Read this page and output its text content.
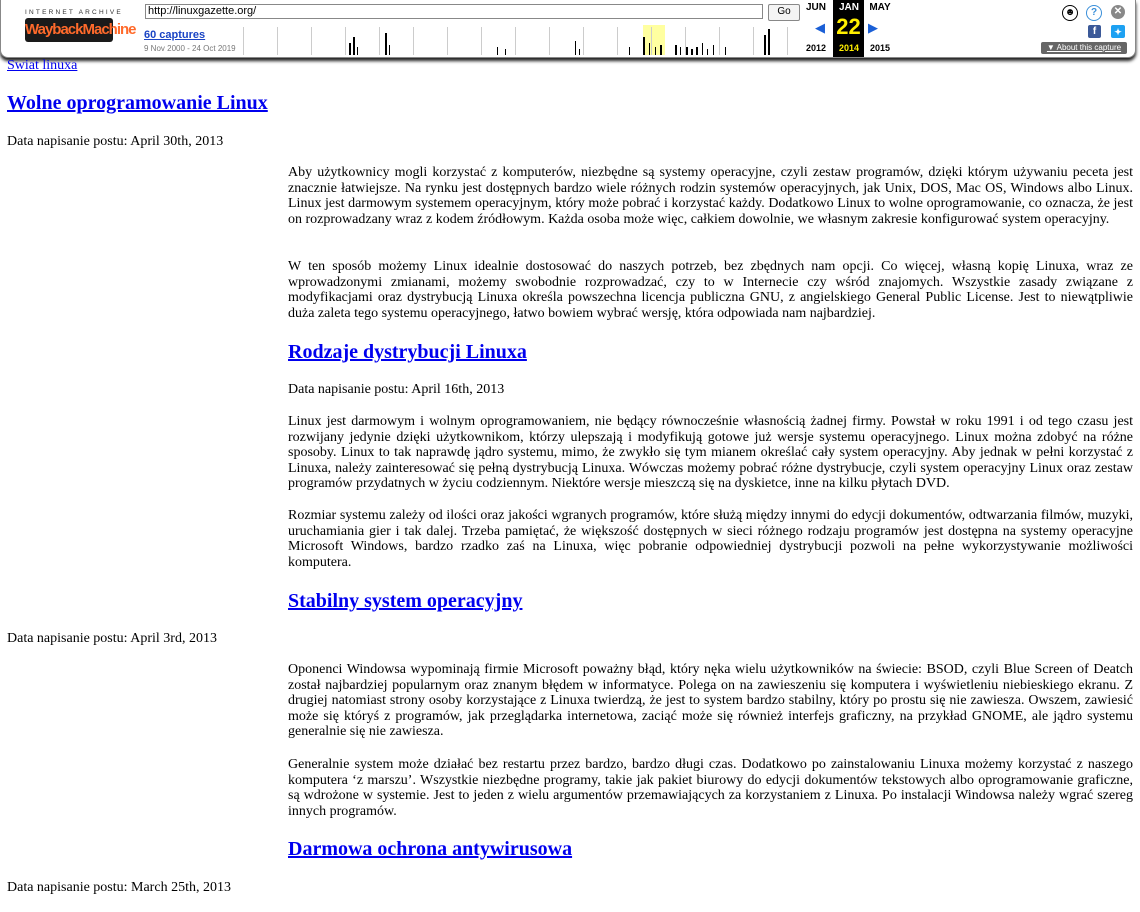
INTERNET ARCHIVE
WaybackMachine
http://linuxgazette.org/	Go
60 captures
9 Nov 2000 - 24 Oct 2019
JUN	JAN	MAY
◀ 22 ▶
2012	2014	2015
☻	?	✕
f	✦
▼ About this capture
Swiat linuxa
Wolne oprogramowanie Linux
Data napisanie postu: April 30th, 2013
Aby użytkownicy mogli korzystać z komputerów, niezbędne są systemy operacyjne, czyli zestaw programów, dzięki którym używaniu peceta jest znacznie łatwiejsze. Na rynku jest dostępnych bardzo wiele różnych rodzin systemów operacyjnych, jak Unix, DOS, Mac OS, Windows albo Linux. Linux jest darmowym systemem operacyjnym, który może pobrać i korzystać każdy. Dodatkowo Linux to wolne oprogramowanie, co oznacza, że jest on rozprowadzany wraz z kodem źródłowym. Każda osoba może więc, całkiem dowolnie, we własnym zakresie konfigurować system operacyjny.
W ten sposób możemy Linux idealnie dostosować do naszych potrzeb, bez zbędnych nam opcji. Co więcej, własną kopię Linuxa, wraz ze wprowadzonymi zmianami, możemy swobodnie rozprowadzać, czy to w Internecie czy wśród znajomych. Wszystkie zasady związane z modyfikacjami oraz dystrybucją Linuxa określa powszechna licencja publiczna GNU, z angielskiego General Public License. Jest to niewątpliwie duża zaleta tego systemu operacyjnego, łatwo bowiem wybrać wersję, która odpowiada nam najbardziej.
Rodzaje dystrybucji Linuxa
Data napisanie postu: April 16th, 2013
Linux jest darmowym i wolnym oprogramowaniem, nie będący równocześnie własnością żadnej firmy. Powstał w roku 1991 i od tego czasu jest rozwijany jedynie dzięki użytkownikom, którzy ulepszają i modyfikują gotowe już wersje systemu operacyjnego. Linux można zdobyć na różne sposoby. Linux to tak naprawdę jądro systemu, mimo, że zwykło się tym mianem określać cały system operacyjny. Aby jednak w pełni korzystać z Linuxa, należy zainteresować się pełną dystrybucją Linuxa. Wówczas możemy pobrać różne dystrybucje, czyli system operacyjny Linux oraz zestaw programów przydatnych w życiu codziennym. Niektóre wersje mieszczą się na dyskietce, inne na kilku płytach DVD.
Rozmiar systemu zależy od ilości oraz jakości wgranych programów, które służą między innymi do edycji dokumentów, odtwarzania filmów, muzyki, uruchamiania gier i tak dalej. Trzeba pamiętać, że większość dostępnych w sieci różnego rodzaju programów jest dostępna na systemy operacyjne Microsoft Windows, bardzo rzadko zaś na Linuxa, więc pobranie odpowiedniej dystrybucji pozwoli na pełne wykorzystywanie możliwości komputera.
Stabilny system operacyjny
Data napisanie postu: April 3rd, 2013
Oponenci Windowsa wypominają firmie Microsoft poważny błąd, który nęka wielu użytkowników na świecie: BSOD, czyli Blue Screen of Deatch został najbardziej popularnym oraz znanym błędem w informatyce. Polega on na zawieszeniu się komputera i wyświetleniu niebieskiego ekranu. Z drugiej natomiast strony osoby korzystające z Linuxa twierdzą, że jest to system bardzo stabilny, który po prostu się nie zawiesza. Owszem, zawiesić może się któryś z programów, jak przeglądarka internetowa, zaciąć może się również interfejs graficzny, na przykład GNOME, ale jądro systemu generalnie się nie zawiesza.
Generalnie system może działać bez restartu przez bardzo, bardzo długi czas. Dodatkowo po zainstalowaniu Linuxa możemy korzystać z naszego komputera ‘z marszu’. Wszystkie niezbędne programy, takie jak pakiet biurowy do edycji dokumentów tekstowych albo oprogramowanie graficzne, są wdrożone w systemie. Jest to jeden z wielu argumentów przemawiających za korzystaniem z Linuxa. Po instalacji Windowsa należy wgrać szereg innych programów.
Darmowa ochrona antywirusowa
Data napisanie postu: March 25th, 2013
